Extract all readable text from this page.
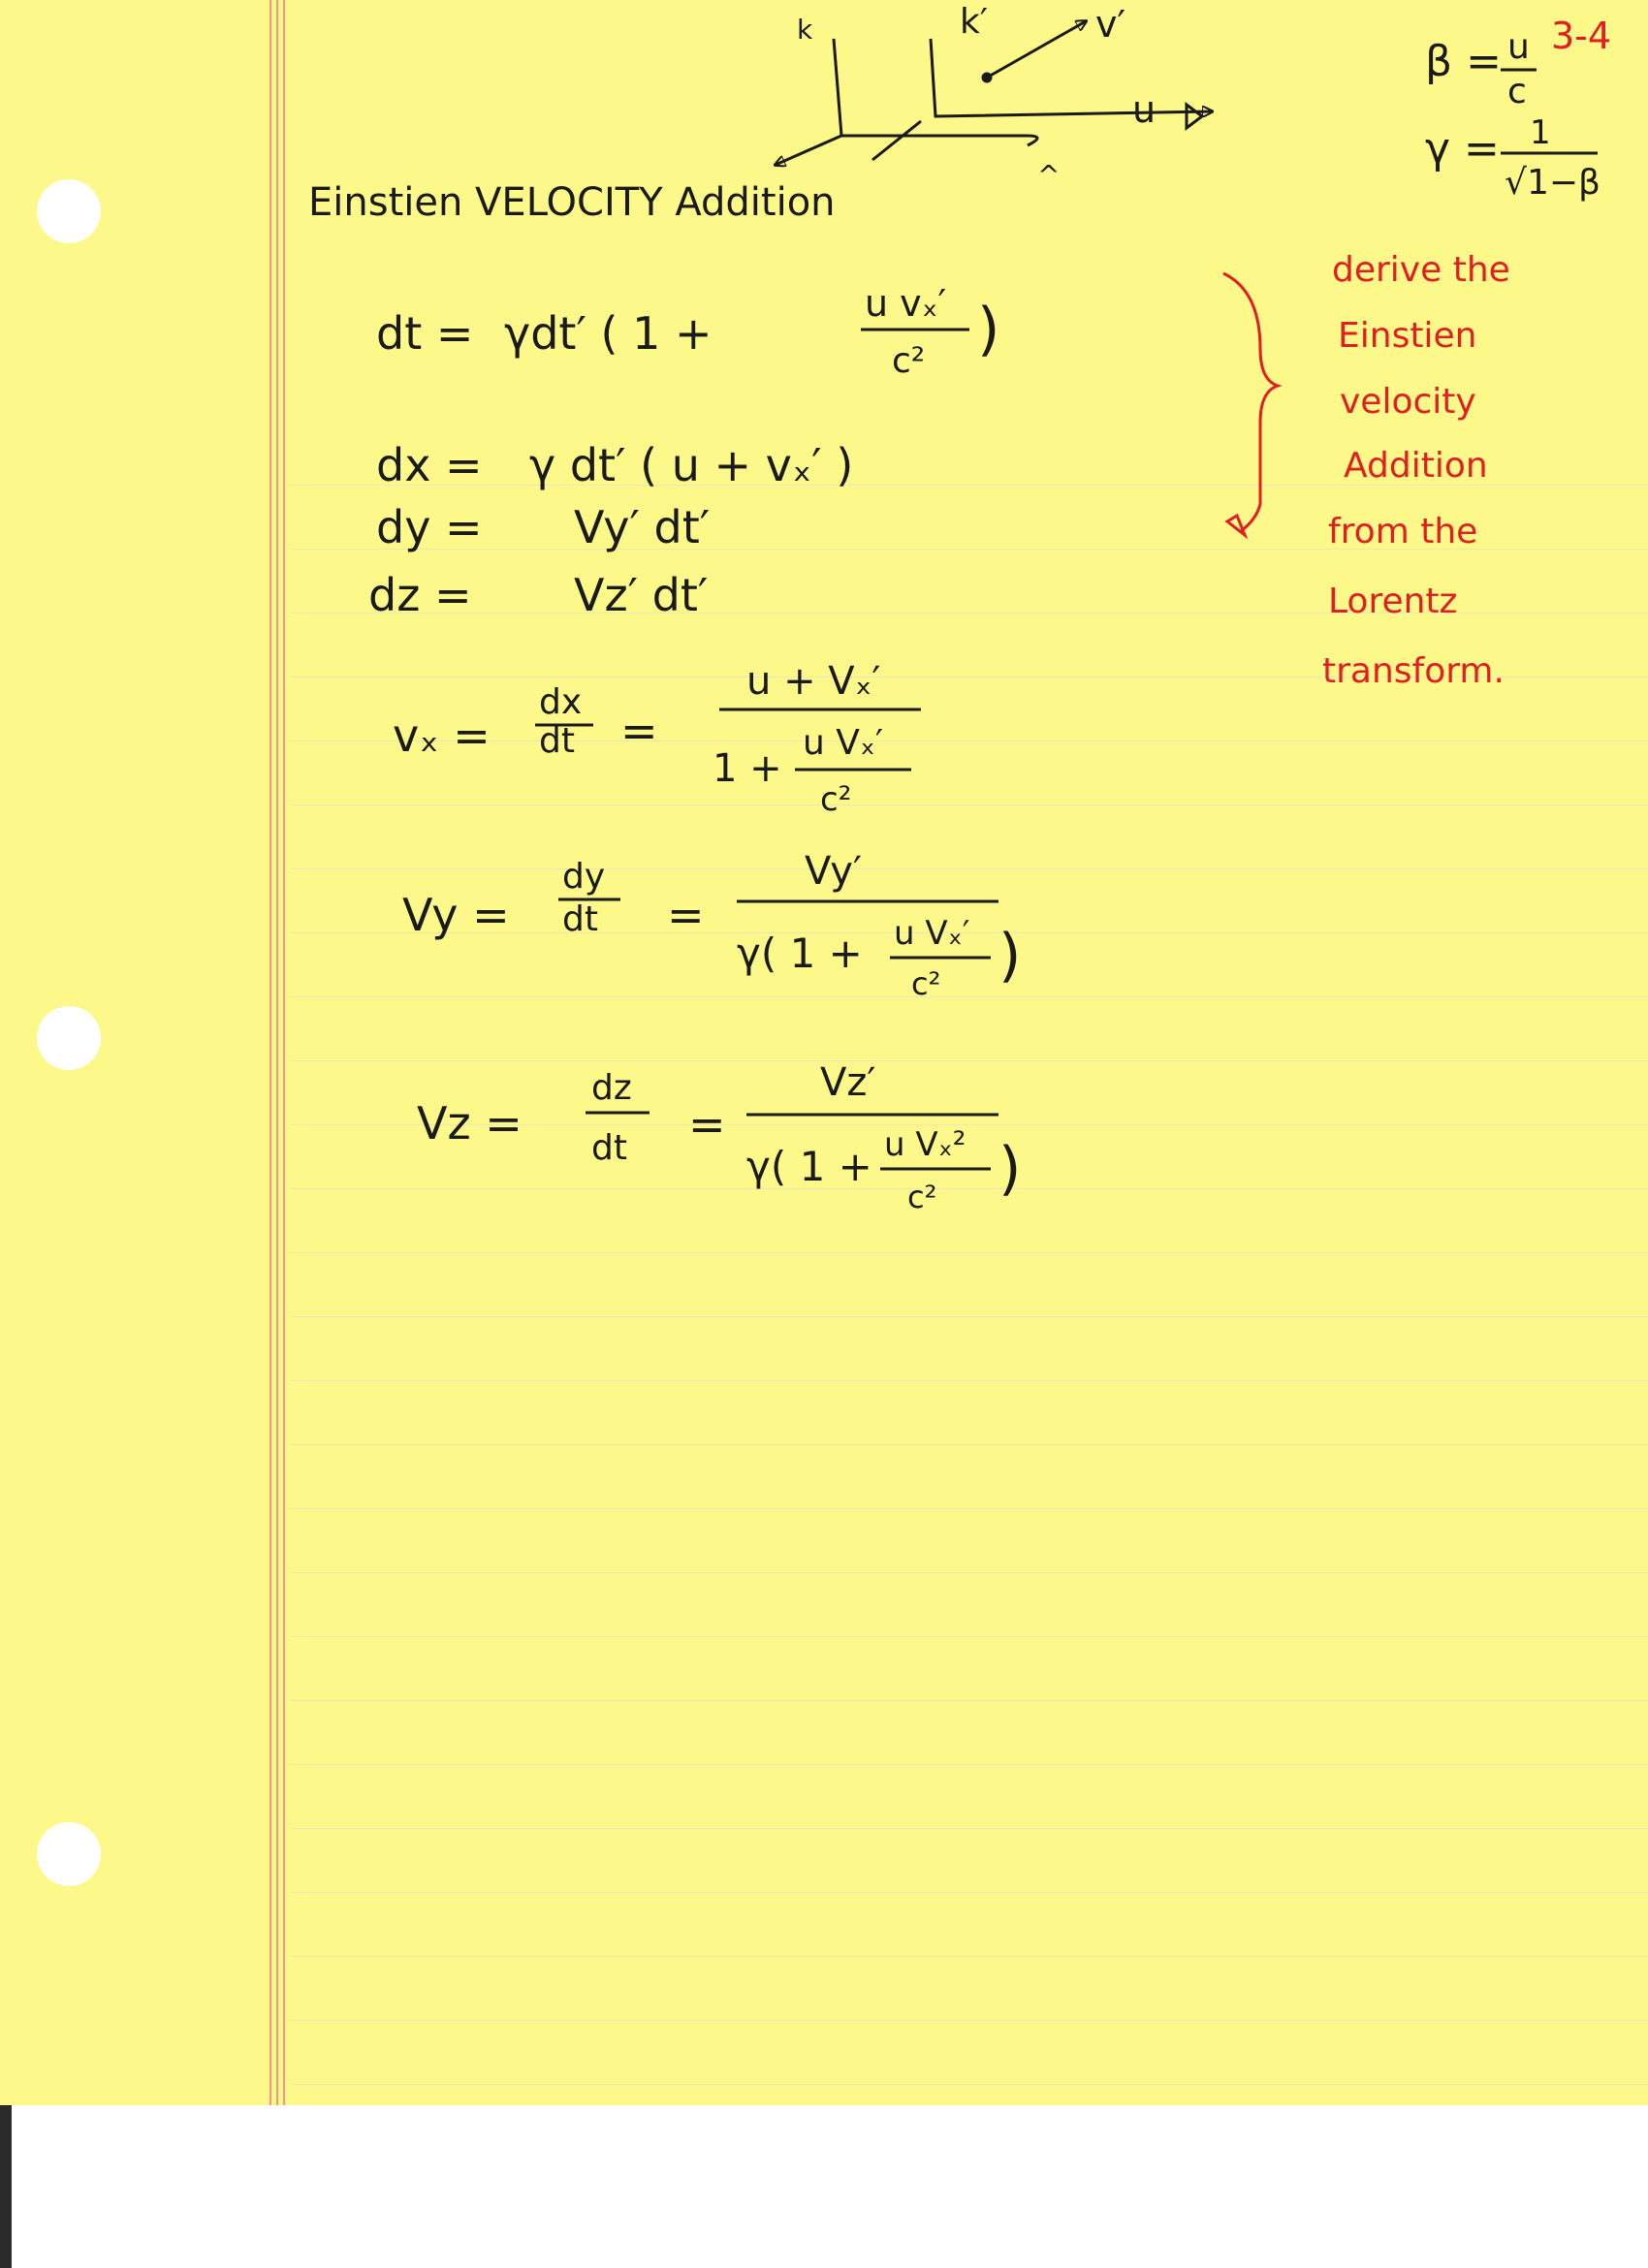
3-4
β = u
c
γ = 1
√1−β
k	k′	v′
u
^
Einstien VELOCITY Addition
dt = γdt′ ( 1 +
u vₓ′
c² )
dx = γ dt′ ( u + vₓ′ )
dy = Vy′ dt′
dz = Vz′ dt′
vₓ =
dx
dt =
u + Vₓ′
1 +
u Vₓ′
c²
Vy =
dy
dt =
Vy′
γ( 1 + u Vₓ′
c² )
Vz =
dz
dt =
Vz′
γ( 1 + u Vₓ²
c² )
derive the
Einstien
velocity
Addition
from the
Lorentz
transform.
